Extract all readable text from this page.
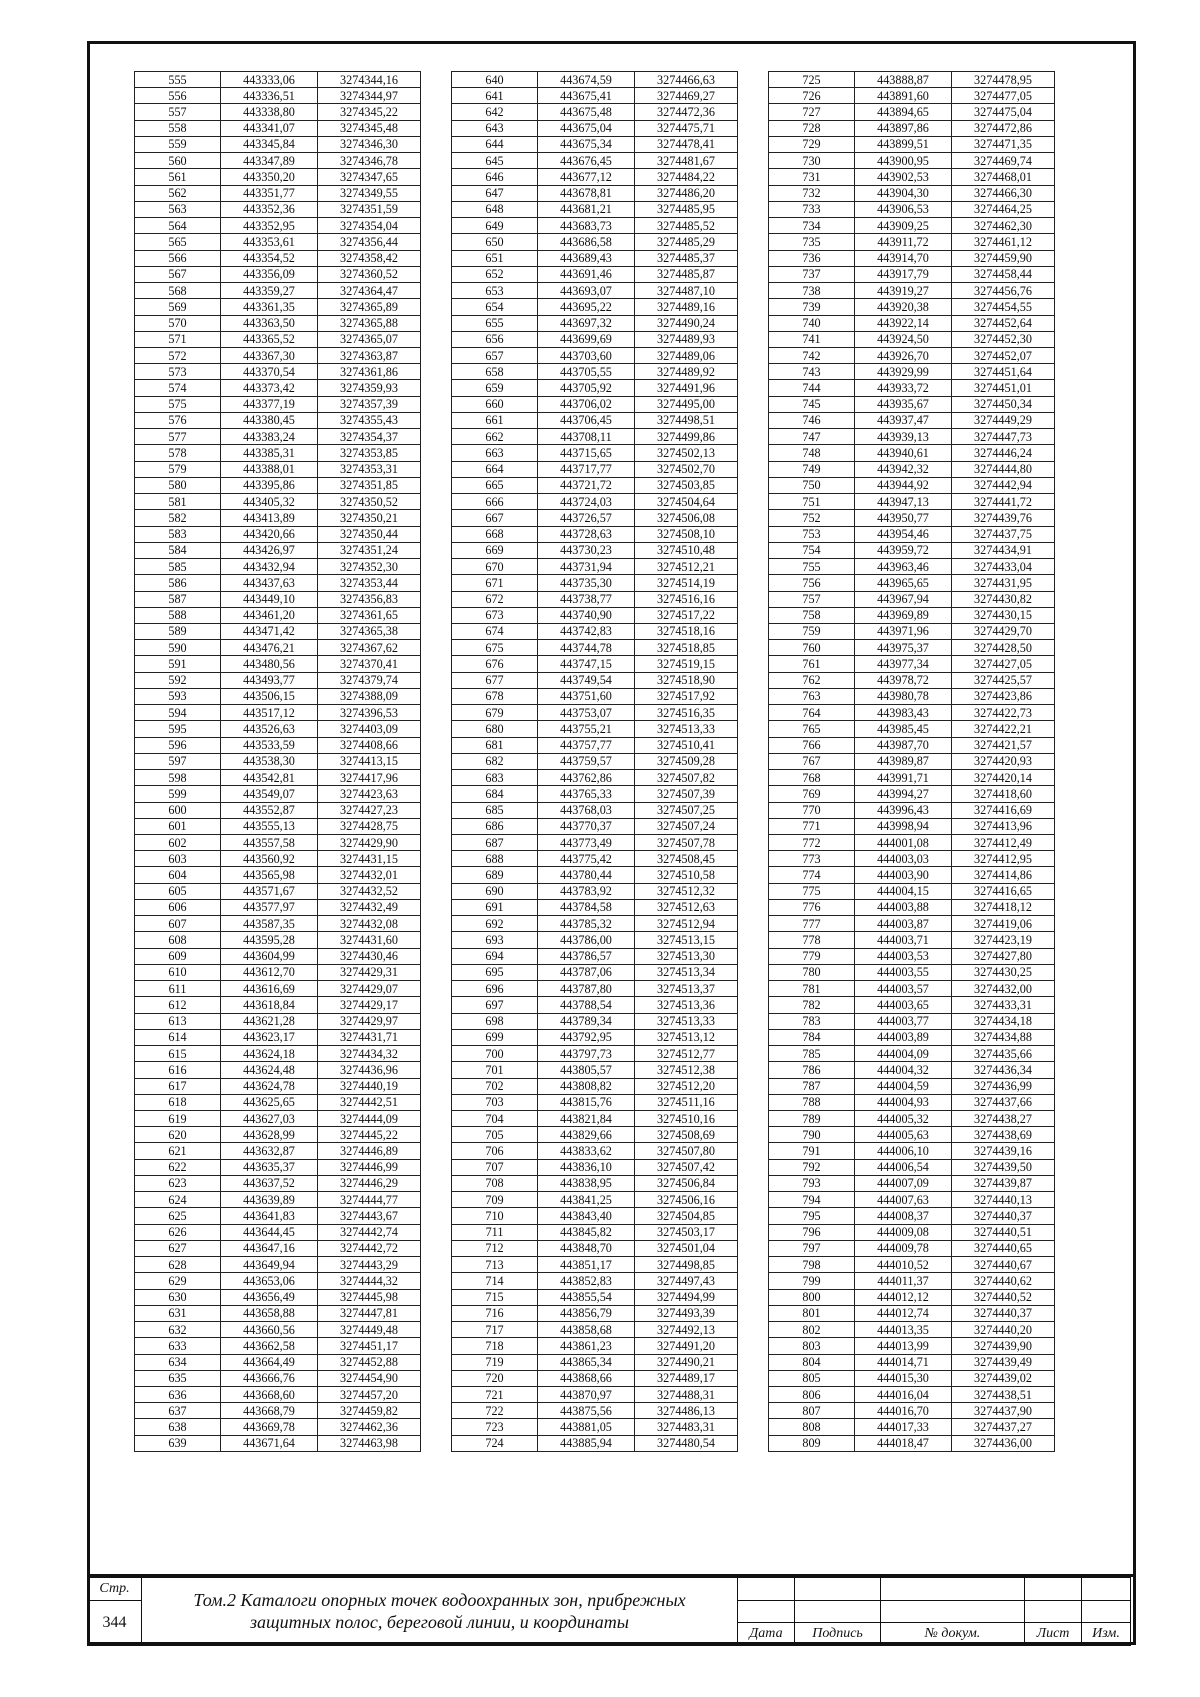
555	443333,06	3274344,16
556	443336,51	3274344,97
557	443338,80	3274345,22
558	443341,07	3274345,48
559	443345,84	3274346,30
560	443347,89	3274346,78
561	443350,20	3274347,65
562	443351,77	3274349,55
563	443352,36	3274351,59
564	443352,95	3274354,04
565	443353,61	3274356,44
566	443354,52	3274358,42
567	443356,09	3274360,52
568	443359,27	3274364,47
569	443361,35	3274365,89
570	443363,50	3274365,88
571	443365,52	3274365,07
572	443367,30	3274363,87
573	443370,54	3274361,86
574	443373,42	3274359,93
575	443377,19	3274357,39
576	443380,45	3274355,43
577	443383,24	3274354,37
578	443385,31	3274353,85
579	443388,01	3274353,31
580	443395,86	3274351,85
581	443405,32	3274350,52
582	443413,89	3274350,21
583	443420,66	3274350,44
584	443426,97	3274351,24
585	443432,94	3274352,30
586	443437,63	3274353,44
587	443449,10	3274356,83
588	443461,20	3274361,65
589	443471,42	3274365,38
590	443476,21	3274367,62
591	443480,56	3274370,41
592	443493,77	3274379,74
593	443506,15	3274388,09
594	443517,12	3274396,53
595	443526,63	3274403,09
596	443533,59	3274408,66
597	443538,30	3274413,15
598	443542,81	3274417,96
599	443549,07	3274423,63
600	443552,87	3274427,23
601	443555,13	3274428,75
602	443557,58	3274429,90
603	443560,92	3274431,15
604	443565,98	3274432,01
605	443571,67	3274432,52
606	443577,97	3274432,49
607	443587,35	3274432,08
608	443595,28	3274431,60
609	443604,99	3274430,46
610	443612,70	3274429,31
611	443616,69	3274429,07
612	443618,84	3274429,17
613	443621,28	3274429,97
614	443623,17	3274431,71
615	443624,18	3274434,32
616	443624,48	3274436,96
617	443624,78	3274440,19
618	443625,65	3274442,51
619	443627,03	3274444,09
620	443628,99	3274445,22
621	443632,87	3274446,89
622	443635,37	3274446,99
623	443637,52	3274446,29
624	443639,89	3274444,77
625	443641,83	3274443,67
626	443644,45	3274442,74
627	443647,16	3274442,72
628	443649,94	3274443,29
629	443653,06	3274444,32
630	443656,49	3274445,98
631	443658,88	3274447,81
632	443660,56	3274449,48
633	443662,58	3274451,17
634	443664,49	3274452,88
635	443666,76	3274454,90
636	443668,60	3274457,20
637	443668,79	3274459,82
638	443669,78	3274462,36
639	443671,64	3274463,98
640	443674,59	3274466,63
641	443675,41	3274469,27
642	443675,48	3274472,36
643	443675,04	3274475,71
644	443675,34	3274478,41
645	443676,45	3274481,67
646	443677,12	3274484,22
647	443678,81	3274486,20
648	443681,21	3274485,95
649	443683,73	3274485,52
650	443686,58	3274485,29
651	443689,43	3274485,37
652	443691,46	3274485,87
653	443693,07	3274487,10
654	443695,22	3274489,16
655	443697,32	3274490,24
656	443699,69	3274489,93
657	443703,60	3274489,06
658	443705,55	3274489,92
659	443705,92	3274491,96
660	443706,02	3274495,00
661	443706,45	3274498,51
662	443708,11	3274499,86
663	443715,65	3274502,13
664	443717,77	3274502,70
665	443721,72	3274503,85
666	443724,03	3274504,64
667	443726,57	3274506,08
668	443728,63	3274508,10
669	443730,23	3274510,48
670	443731,94	3274512,21
671	443735,30	3274514,19
672	443738,77	3274516,16
673	443740,90	3274517,22
674	443742,83	3274518,16
675	443744,78	3274518,85
676	443747,15	3274519,15
677	443749,54	3274518,90
678	443751,60	3274517,92
679	443753,07	3274516,35
680	443755,21	3274513,33
681	443757,77	3274510,41
682	443759,57	3274509,28
683	443762,86	3274507,82
684	443765,33	3274507,39
685	443768,03	3274507,25
686	443770,37	3274507,24
687	443773,49	3274507,78
688	443775,42	3274508,45
689	443780,44	3274510,58
690	443783,92	3274512,32
691	443784,58	3274512,63
692	443785,32	3274512,94
693	443786,00	3274513,15
694	443786,57	3274513,30
695	443787,06	3274513,34
696	443787,80	3274513,37
697	443788,54	3274513,36
698	443789,34	3274513,33
699	443792,95	3274513,12
700	443797,73	3274512,77
701	443805,57	3274512,38
702	443808,82	3274512,20
703	443815,76	3274511,16
704	443821,84	3274510,16
705	443829,66	3274508,69
706	443833,62	3274507,80
707	443836,10	3274507,42
708	443838,95	3274506,84
709	443841,25	3274506,16
710	443843,40	3274504,85
711	443845,82	3274503,17
712	443848,70	3274501,04
713	443851,17	3274498,85
714	443852,83	3274497,43
715	443855,54	3274494,99
716	443856,79	3274493,39
717	443858,68	3274492,13
718	443861,23	3274491,20
719	443865,34	3274490,21
720	443868,66	3274489,17
721	443870,97	3274488,31
722	443875,56	3274486,13
723	443881,05	3274483,31
724	443885,94	3274480,54
725	443888,87	3274478,95
726	443891,60	3274477,05
727	443894,65	3274475,04
728	443897,86	3274472,86
729	443899,51	3274471,35
730	443900,95	3274469,74
731	443902,53	3274468,01
732	443904,30	3274466,30
733	443906,53	3274464,25
734	443909,25	3274462,30
735	443911,72	3274461,12
736	443914,70	3274459,90
737	443917,79	3274458,44
738	443919,27	3274456,76
739	443920,38	3274454,55
740	443922,14	3274452,64
741	443924,50	3274452,30
742	443926,70	3274452,07
743	443929,99	3274451,64
744	443933,72	3274451,01
745	443935,67	3274450,34
746	443937,47	3274449,29
747	443939,13	3274447,73
748	443940,61	3274446,24
749	443942,32	3274444,80
750	443944,92	3274442,94
751	443947,13	3274441,72
752	443950,77	3274439,76
753	443954,46	3274437,75
754	443959,72	3274434,91
755	443963,46	3274433,04
756	443965,65	3274431,95
757	443967,94	3274430,82
758	443969,89	3274430,15
759	443971,96	3274429,70
760	443975,37	3274428,50
761	443977,34	3274427,05
762	443978,72	3274425,57
763	443980,78	3274423,86
764	443983,43	3274422,73
765	443985,45	3274422,21
766	443987,70	3274421,57
767	443989,87	3274420,93
768	443991,71	3274420,14
769	443994,27	3274418,60
770	443996,43	3274416,69
771	443998,94	3274413,96
772	444001,08	3274412,49
773	444003,03	3274412,95
774	444003,90	3274414,86
775	444004,15	3274416,65
776	444003,88	3274418,12
777	444003,87	3274419,06
778	444003,71	3274423,19
779	444003,53	3274427,80
780	444003,55	3274430,25
781	444003,57	3274432,00
782	444003,65	3274433,31
783	444003,77	3274434,18
784	444003,89	3274434,88
785	444004,09	3274435,66
786	444004,32	3274436,34
787	444004,59	3274436,99
788	444004,93	3274437,66
789	444005,32	3274438,27
790	444005,63	3274438,69
791	444006,10	3274439,16
792	444006,54	3274439,50
793	444007,09	3274439,87
794	444007,63	3274440,13
795	444008,37	3274440,37
796	444009,08	3274440,51
797	444009,78	3274440,65
798	444010,52	3274440,67
799	444011,37	3274440,62
800	444012,12	3274440,52
801	444012,74	3274440,37
802	444013,35	3274440,20
803	444013,99	3274439,90
804	444014,71	3274439,49
805	444015,30	3274439,02
806	444016,04	3274438,51
807	444016,70	3274437,90
808	444017,33	3274437,27
809	444018,47	3274436,00
Стр.	Том.2 Каталоги опорных точек водоохранных зон, прибрежных
защитных полос, береговой линии, и координаты					

344						
		Дата	Подпись	№ докум.	Лист	Изм.
